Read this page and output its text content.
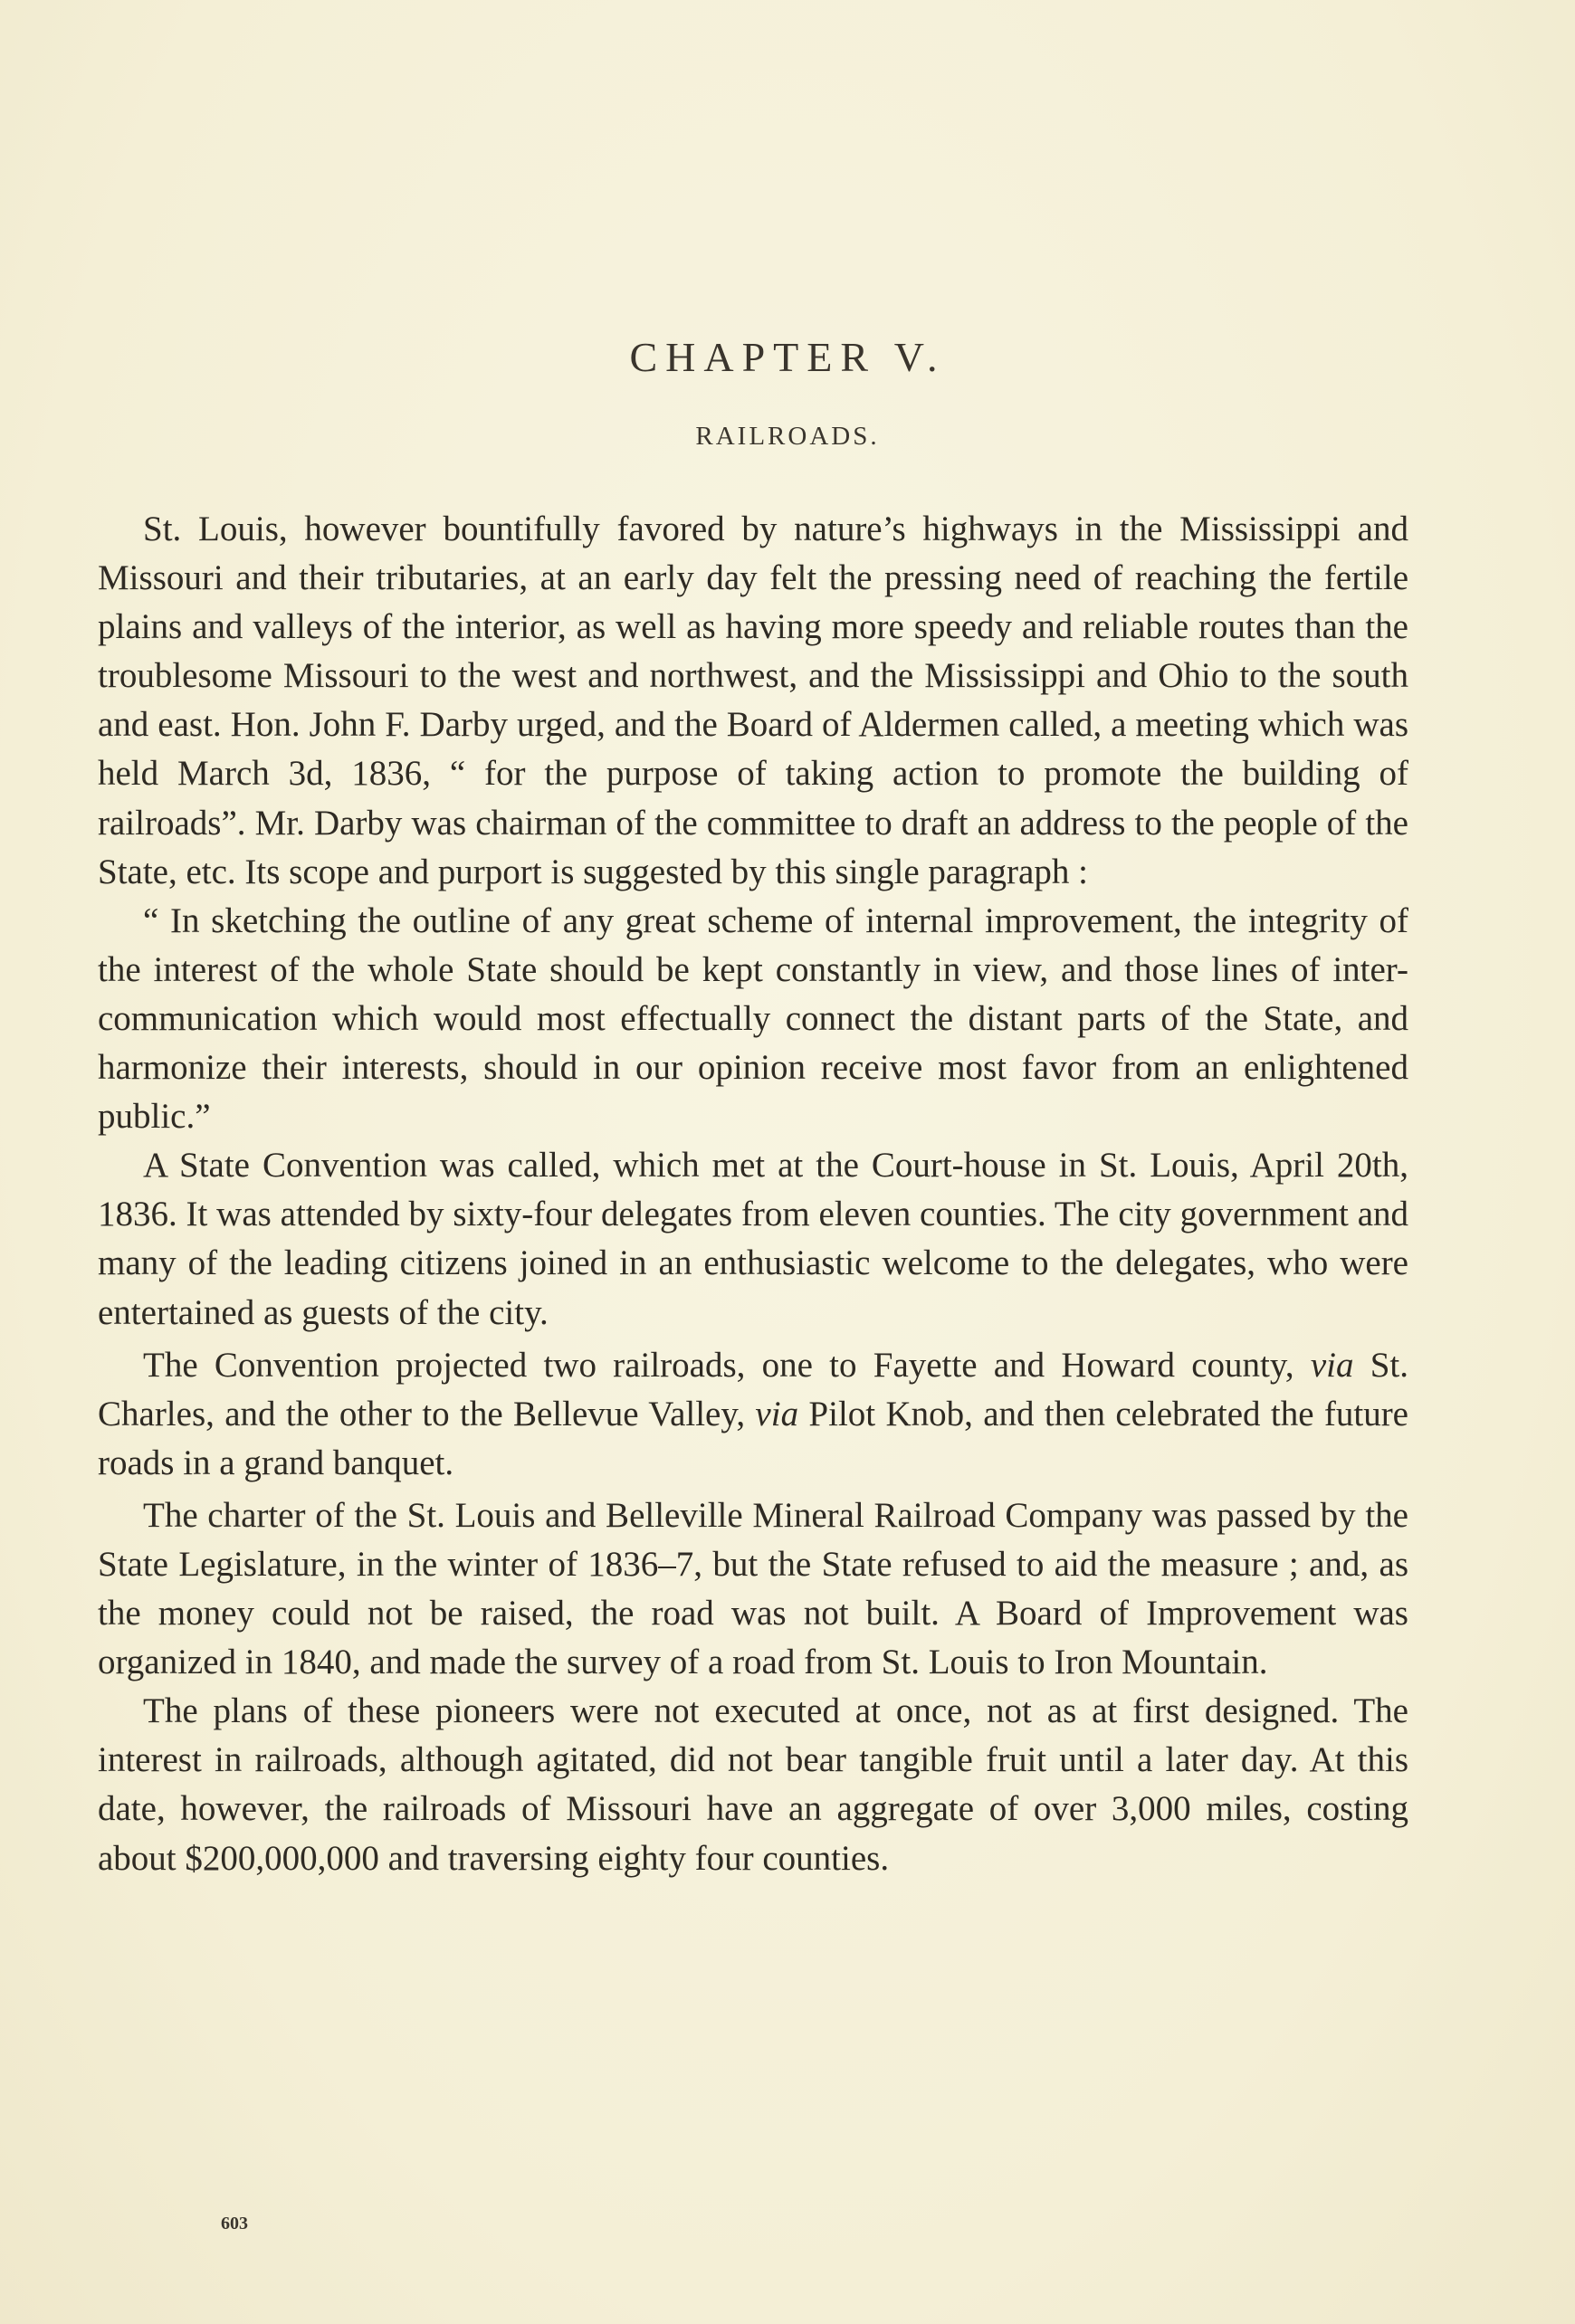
CHAPTER V.
RAILROADS.

St. Louis, however bountifully favored by nature’s highways in the Mississippi and Missouri and their tributaries, at an early day felt the pressing need of reaching the fertile plains and valleys of the interior, as well as having more speedy and reliable routes than the troublesome Missouri to the west and northwest, and the Mississippi and Ohio to the south and east. Hon. John F. Darby urged, and the Board of Aldermen called, a meeting which was held March 3d, 1836, “ for the purpose of taking action to promote the building of railroads”. Mr. Darby was chairman of the committee to draft an address to the people of the State, etc. Its scope and purport is suggested by this single paragraph :

“ In sketching the outline of any great scheme of internal improvement, the integrity of the interest of the whole State should be kept constantly in view, and those lines of inter-communication which would most effectually connect the distant parts of the State, and harmonize their interests, should in our opinion receive most favor from an enlightened public.”

A State Convention was called, which met at the Court-house in St. Louis, April 20th, 1836. It was attended by sixty-four delegates from eleven counties. The city government and many of the leading citizens joined in an enthusiastic welcome to the delegates, who were entertained as guests of the city.

The Convention projected two railroads, one to Fayette and Howard county, via St. Charles, and the other to the Bellevue Valley, via Pilot Knob, and then celebrated the future roads in a grand banquet.

The charter of the St. Louis and Belleville Mineral Railroad Company was passed by the State Legislature, in the winter of 1836–7, but the State refused to aid the measure ; and, as the money could not be raised, the road was not built. A Board of Improvement was organized in 1840, and made the survey of a road from St. Louis to Iron Mountain.

The plans of these pioneers were not executed at once, not as at first designed. The interest in railroads, although agitated, did not bear tangible fruit until a later day. At this date, however, the railroads of Missouri have an aggregate of over 3,000 miles, costing about $200,000,000 and traversing eighty four counties.

603
